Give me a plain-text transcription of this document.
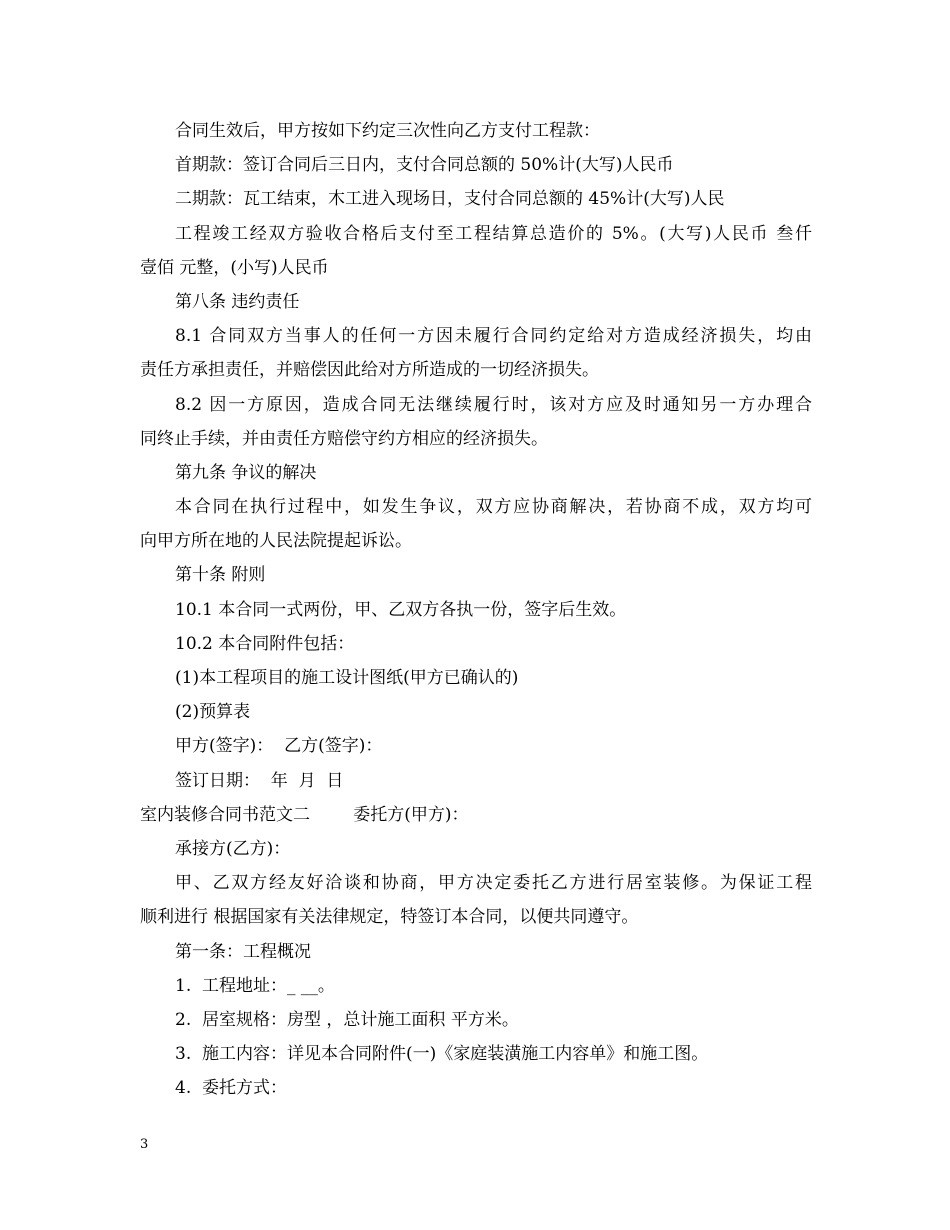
合同生效后，甲方按如下约定三次性向乙方支付工程款：
首期款：签订合同后三日内，支付合同总额的 50%计(大写)人民币
二期款：瓦工结束，木工进入现场日，支付合同总额的 45%计(大写)人民
工程竣工经双方验收合格后支付至工程结算总造价的 5%。(大写)人民币 叁仟
壹佰 元整，(小写)人民币
第八条 违约责任
8.1 合同双方当事人的任何一方因未履行合同约定给对方造成经济损失，均由
责任方承担责任，并赔偿因此给对方所造成的一切经济损失。
8.2 因一方原因，造成合同无法继续履行时，该对方应及时通知另一方办理合
同终止手续，并由责任方赔偿守约方相应的经济损失。
第九条 争议的解决
本合同在执行过程中，如发生争议，双方应协商解决，若协商不成，双方均可
向甲方所在地的人民法院提起诉讼。
第十条 附则
10.1 本合同一式两份，甲、乙双方各执一份，签字后生效。
10.2 本合同附件包括：
(1)本工程项目的施工设计图纸(甲方已确认的)
(2)预算表
甲方(签字)：  乙方(签字)：
签订日期：  年  月  日
室内装修合同书范文二        委托方(甲方)：
承接方(乙方)：
甲、乙双方经友好洽谈和协商，甲方决定委托乙方进行居室装修。为保证工程
顺利进行 根据国家有关法律规定，特签订本合同，以便共同遵守。
第一条：工程概况
1.  工程地址：_ __。
2.  居室规格：房型 ，总计施工面积 平方米。
3.  施工内容：详见本合同附件(一)《家庭装潢施工内容单》和施工图。
4.  委托方式：
3
